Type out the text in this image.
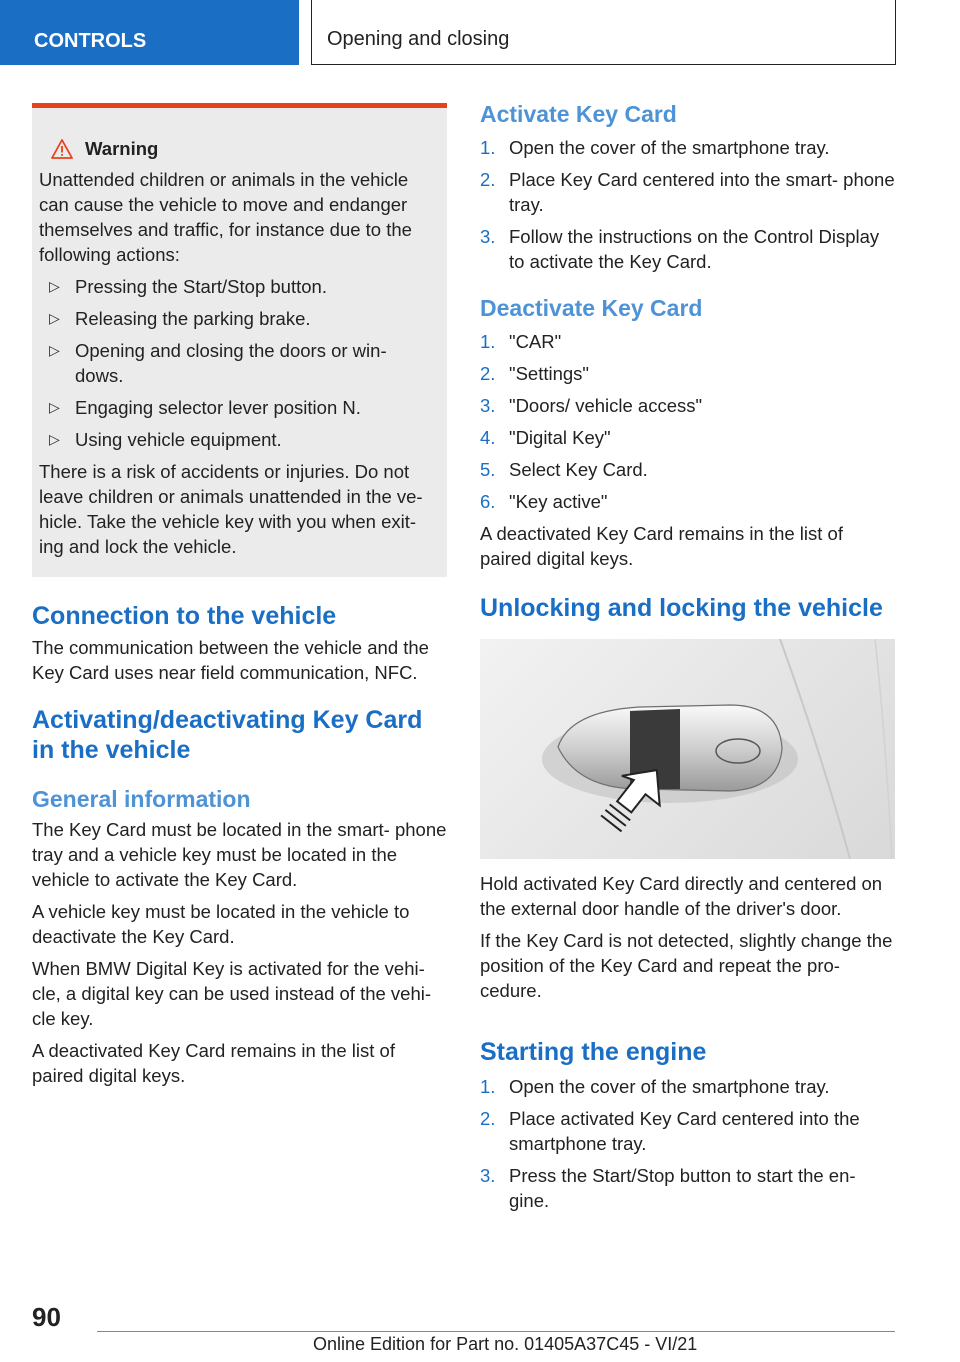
CONTROLS	Opening and closing
Warning

Unattended children or animals in the vehicle can cause the vehicle to move and endanger themselves and traffic, for instance due to the following actions:

▷ Pressing the Start/Stop button.
▷ Releasing the parking brake.
▷ Opening and closing the doors or win- dows.
▷ Engaging selector lever position N.
▷ Using vehicle equipment.

There is a risk of accidents or injuries. Do not leave children or animals unattended in the ve- hicle. Take the vehicle key with you when exit- ing and lock the vehicle.

Connection to the vehicle

The communication between the vehicle and the Key Card uses near field communication, NFC.

Activating/deactivating Key Card in the vehicle
General information

The Key Card must be located in the smart- phone tray and a vehicle key must be located in the vehicle to activate the Key Card.

A vehicle key must be located in the vehicle to deactivate the Key Card.

When BMW Digital Key is activated for the vehi- cle, a digital key can be used instead of the vehi- cle key.

A deactivated Key Card remains in the list of paired digital keys.

Activate Key Card
1. Open the cover of the smartphone tray.
2. Place Key Card centered into the smart- phone tray.
3. Follow the instructions on the Control Display to activate the Key Card.
Deactivate Key Card
1. "CAR"
2. "Settings"
3. "Doors/ vehicle access"
4. "Digital Key"
5. Select Key Card.
6. "Key active"

A deactivated Key Card remains in the list of paired digital keys.

Unlocking and locking the vehicle

Hold activated Key Card directly and centered on the external door handle of the driver's door.

If the Key Card is not detected, slightly change the position of the Key Card and repeat the pro- cedure.

Starting the engine
1. Open the cover of the smartphone tray.
2. Place activated Key Card centered into the smartphone tray.
3. Press the Start/Stop button to start the en- gine.
90
Online Edition for Part no. 01405A37C45 - VI/21
